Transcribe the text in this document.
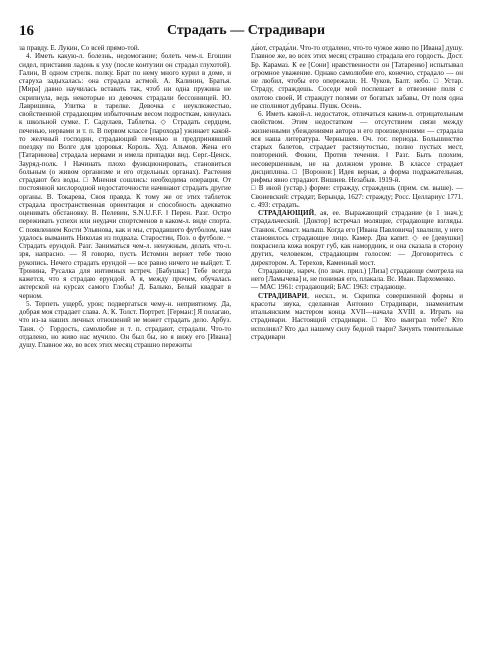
16	Страдать — Страдивари

за правду. Е. Лукин, Со всей прямо-той.

4. Иметь какую-л. болезнь, недомогание; болеть чем-л. Егошин сидел, приставив ладонь к уху (после контузии он страдал глухотой). Галин, В одном стрелк. полку. Брат по нему много курил в доме, и старуха задыхалась: она страдала астмой. А. Калинин, Братья. [Мира] давно научилась вставать так, чтоб ни одна пружина не скрипнула, ведь некоторые из девочек страдали бессонницей. Ю. Лавришина, Улитка в тарелке. Девочка с неуклюжестью, свойственной страдающим избыточным весом подросткам, кинулась к школьной сумке. Г. Садулаев, Таблетка. ◇ Страдать сердцем, печенью, нервами и т. п. В первом классе [парохода] ужинает какой-то желчный господин, страдающий печенью и предпринявший поездку по Волге для здоровья. Король. Худ. Альмов. Жена его [Татаринова] страдала нервами и имела припадки вид. Серг.-Ценск. Зауряд-полк. ‖ Начинать плохо функционировать, становиться больным (о живом организме и его отдельных органах). Растения страдают без воды. □ Мнения сошлись: необходима операция. От постоянной кислородной недостаточности начинают страдать другие органы. В. Токарева, Своя правда. К тому же от этих таблеток страдала пространственная ориентация и способность адекватно оценивать обстановку. В. Пелевин, S.N.U.F.F. ‖ Перен. Разг. Остро переживать успехи или неудачи спортсменов в каком-л. виде спорта. С появлением Кости Ульянова, как и мы, страдавшего футболом, нам удалось выманить Николая из подвала. Старостин, Поэ. о футболе. ~ Страдать ерундой. Разг. Заниматься чем-л. ненужным, делать что-л. зря, напрасно. — Я говорю, пусть Истомин вернет тебе твою рукопись. Нечего страдать ерундой — все равно ничего не выйдет. Т. Тронина, Русалка для интимных встреч. [Бабушка:] Тебе всегда кажется, что я страдаю ерундой. А я, между прочим, обучалась актерской на курсах самого Глобы! Д. Балыко, Белый квадрат в черном.

5. Терпеть ущерб, урон; подвергаться чему-н. неприятному. Да, добрая моя страдает слава. А. К. Толст. Портрет. [Герман:] Я полагаю, что из-за наших личных отношений не может страдать дело. Арбуз. Таня. ◇ Гордость, самолюбие и т. п. страдают, страдали. Что-то отдалено, но живо нас мучило. Он был бы, но я вижу его [Ивана] душу. Главное же, во всех этих месяц страшно пережиты

да́ют, страда́ли. Что-то отдалено, что-то чужое живо по [Ивана] душу. Главное же, во всех этих месяц страшно страдала его гордость. Дост. Бр. Карамаз. К ее [Сони] нравственности он [Татаренко] испытывал огромное уважение. Однако самолюбие его, конечно, страдало — он не любил, чтобы его опережали. Н. Чуков, Балт. небо. □ Устар. Страду, страждешь. Соседи мой поспешает в отвезение поля с охотою своей, И страждут полями от богатых забавы, От поля одна не сполняют дубравы. Пушк. Осень.

6. Иметь какой-л. недостаток, отличаться каким-л. отрицательным свойством. Этим недостатком — отсутствием связи между жизненными убеждениями автора и его произведениями — страдала вся наша литература. Чернышев. Оч. гог. периода. Большинство старых балетов, страдает растянутостью, полно пустых мест, повторений. Фокин, Против течения. ‖ Разг. Быть плохим, несовершенным, не на должном уровне. В классе страдает дисциплина. □ [Воронов:] Идея верная, а форма подражательная, рифмы явно страдают. Вишнев. Незабыв. 1919-й.

□ В иной (устар.) форме: стражду, страждешь (прим. см. выше). — Своиевский: страдат; Берында, 1627: стражду; Росс. Целлариус 1771. с. 493: страдать.

СТРАДАЮЩИЙ, ая, ее. Выражающий страдание (в 1 знач.); страдальческий. [Доктор] встречал молящие, страдающие взгляды. Станюк. Севаст. малыш. Когда его [Ивана Павловича] хвалили, у него становилось страдающее лицо. Камер. Два капит. ◇ ее [девушки] покраснела кожа вокруг губ, как намордник, и она сказала в сторону других, человеком, страдающим голосом: — Договоритесь с директором. А. Терехов, Каменный мост.

Страдающе, нареч. (по знач. прил.) [Лиза] страдающе смотрела на него [Ламычева] и, не понимая его, плакала. Вс. Иван. Пархоменко.

— МАС 1961: страдающий; БАС 1963: страдающе.

СТРАДИВАРИ, нескл., м. Скрипка совершенной формы и красоты звука, сделанная Антонио Страдивари, знаменитым итальянским мастером конца XVII—начала XVIII в. Играть на страдивари. Настоящий страдивари. □ Кто выиграл тебе? Кто исполнял? Кто дал нашему силу бедной твари? Зачуять томительные страдивари
